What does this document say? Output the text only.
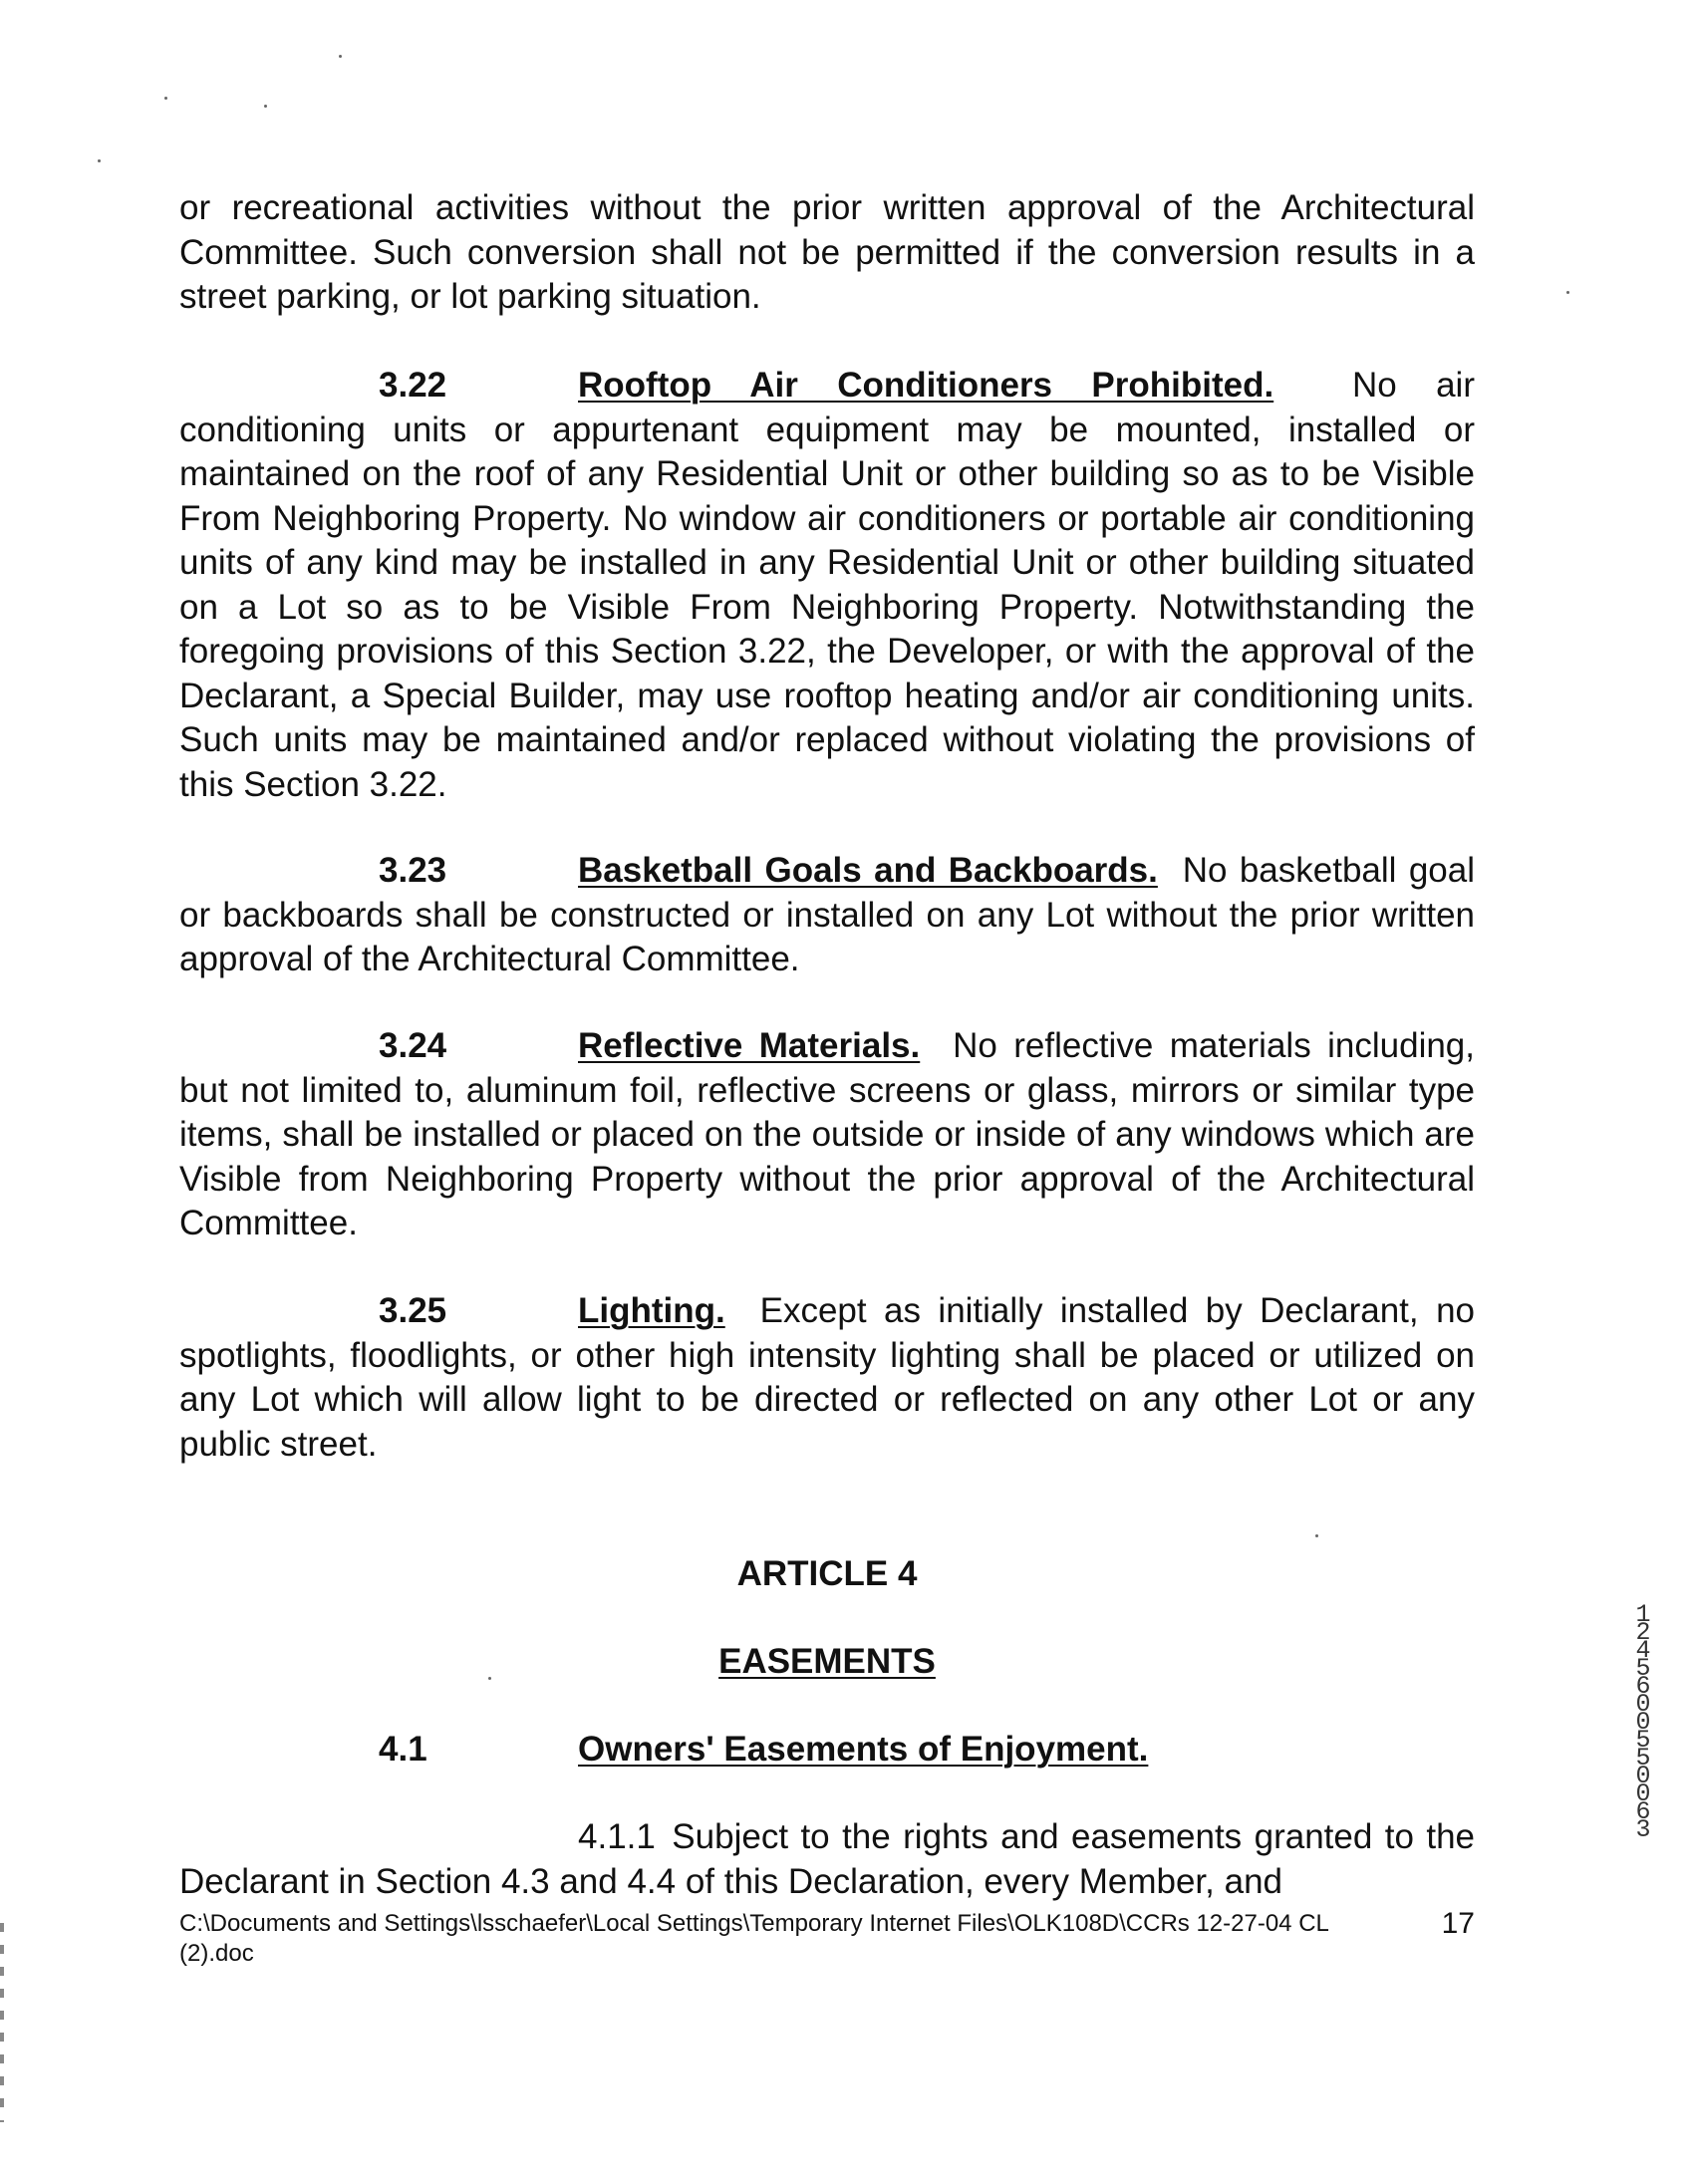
or recreational activities without the prior written approval of the Architectural Committee. Such conversion shall not be permitted if the conversion results in a street parking, or lot parking situation.

3.22	Rooftop Air Conditioners Prohibited. No air conditioning units or appurtenant equipment may be mounted, installed or maintained on the roof of any Residential Unit or other building so as to be Visible From Neighboring Property. No window air conditioners or portable air conditioning units of any kind may be installed in any Residential Unit or other building situated on a Lot so as to be Visible From Neighboring Property. Notwithstanding the foregoing provisions of this Section 3.22, the Developer, or with the approval of the Declarant, a Special Builder, may use rooftop heating and/or air conditioning units. Such units may be maintained and/or replaced without violating the provisions of this Section 3.22.

3.23	Basketball Goals and Backboards. No basketball goal or backboards shall be constructed or installed on any Lot without the prior written approval of the Architectural Committee.

3.24	Reflective Materials. No reflective materials including, but not limited to, aluminum foil, reflective screens or glass, mirrors or similar type items, shall be installed or placed on the outside or inside of any windows which are Visible from Neighboring Property without the prior approval of the Architectural Committee.

3.25	Lighting. Except as initially installed by Declarant, no spotlights, floodlights, or other high intensity lighting shall be placed or utilized on any Lot which will allow light to be directed or reflected on any other Lot or any public street.

ARTICLE 4

EASEMENTS

4.1	Owners' Easements of Enjoyment.

4.1.1 Subject to the rights and easements granted to the Declarant in Section 4.3 and 4.4 of this Declaration, every Member, and

C:\Documents and Settings\lsschaefer\Local Settings\Temporary Internet Files\OLK108D\CCRs 12-27-04 CL (2).doc
17
1245600550063
